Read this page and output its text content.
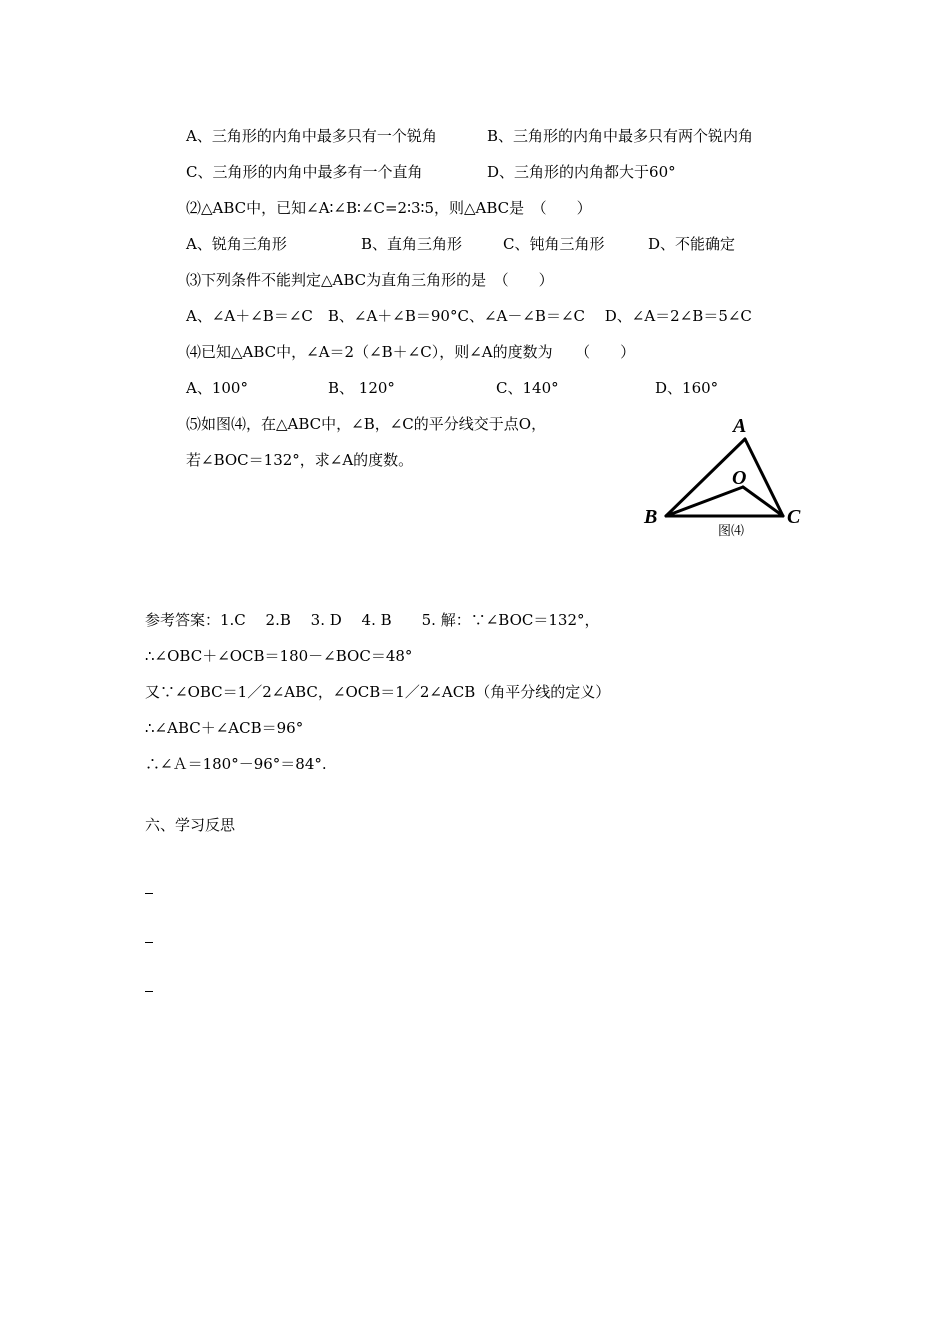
A、三角形的内角中最多只有一个锐角	B、三角形的内角中最多只有两个锐内角
C、三角形的内角中最多有一个直角	D、三角形的内角都大于60°
⑵△ABC中，已知∠A∶∠B∶∠C=2∶3∶5，则△ABC是　（　　）
A、锐角三角形	B、直角三角形	C、钝角三角形	D、不能确定
⑶下列条件不能判定△ABC为直角三角形的是　（　　）
A、∠A＋∠B＝∠C　B、∠A＋∠B＝90°C、∠A－∠B＝∠C　 D、∠A＝2∠B＝5∠C
⑷已知△ABC中，∠A＝2（∠B＋∠C），则∠A的度数为　　（　　）
A、100°	B、 120°	C、140°	D、160°
⑸如图⑷，在△ABC中，∠B，∠C的平分线交于点O，
若∠BOC＝132°，求∠A的度数。
A
B	C
O
图⑷
参考答案：1.C　 2.B　 3. D　 4. B　　5. 解：∵∠BOC＝132°，
∴∠OBC＋∠OCB＝180－∠BOC＝48°
又∵∠OBC＝1／2∠ABC，∠OCB＝1／2∠ACB（角平分线的定义）
∴∠ABC＋∠ACB＝96°
∴∠Ａ＝180°－96°＝84°.
六、学习反思
